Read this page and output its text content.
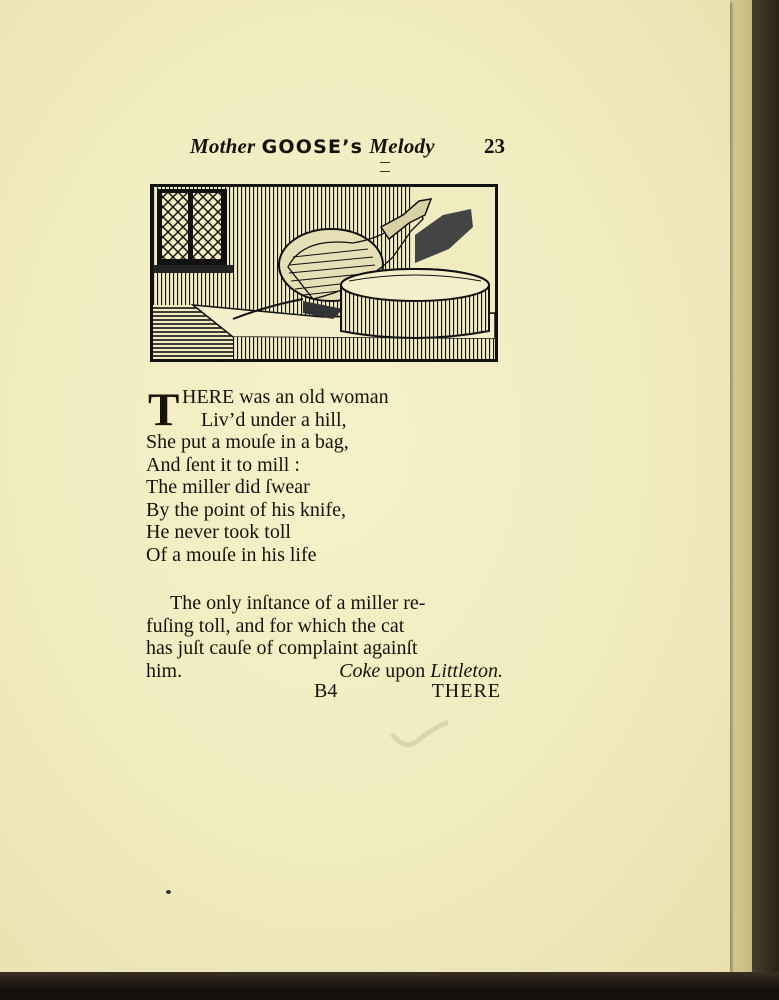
Mother GOOSE’s Melody 23
T HERE was an old woman
Liv’d under a hill,
She put a mouſe in a bag,
And ſent it to mill :
The miller did ſwear
By the point of his knife,
He never took toll
Of a mouſe in his life
The only inſtance of a miller re-
fuſing toll, and for which the cat
has juſt cauſe of complaint againſt
him.	Coke upon Littleton.
B4	THERE
